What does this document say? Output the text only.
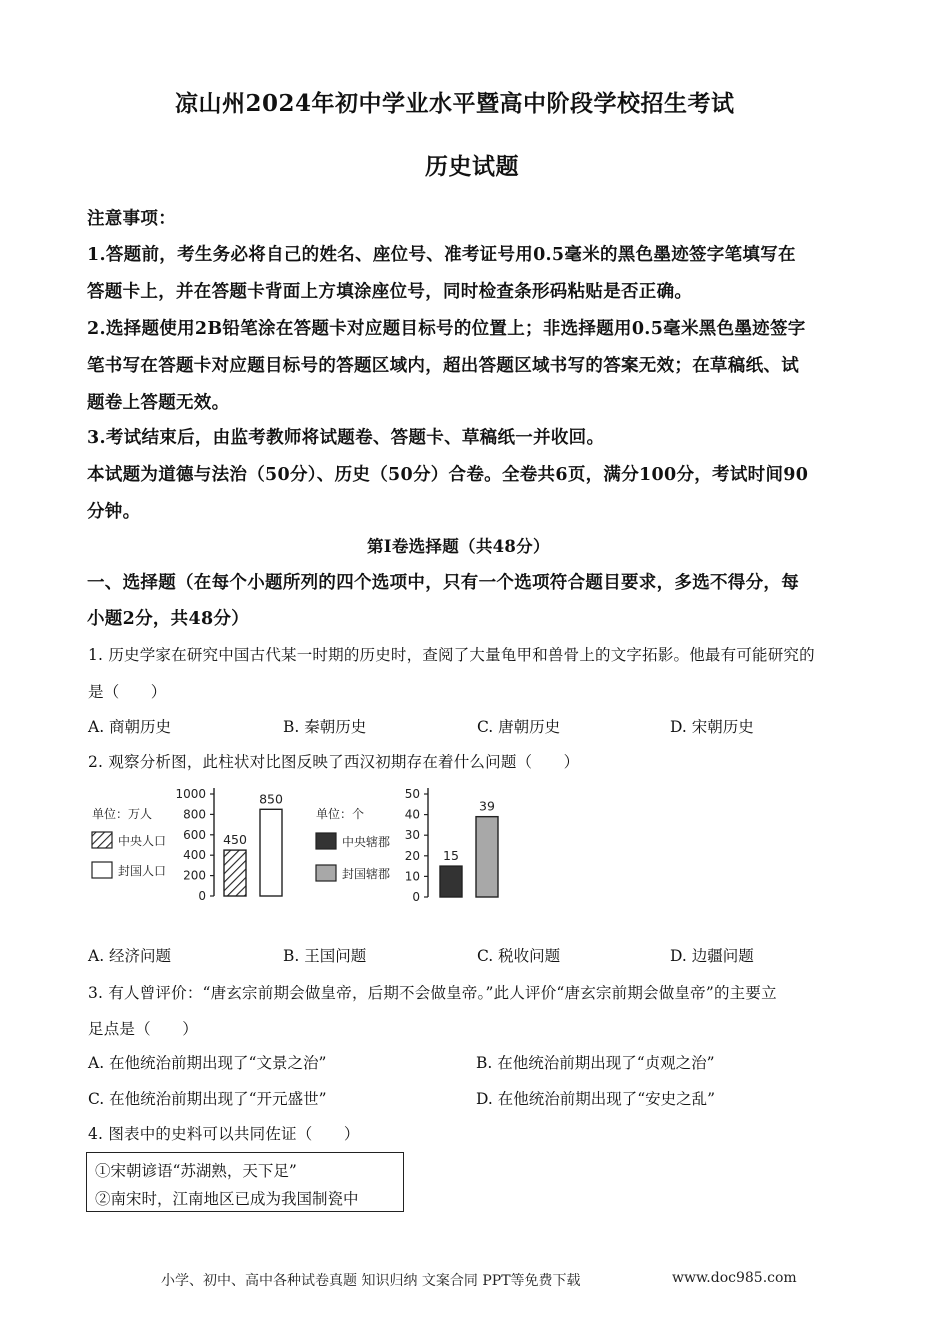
凉山州2024年初中学业水平暨高中阶段学校招生考试
历史试题
注意事项：
1.答题前，考生务必将自己的姓名、座位号、准考证号用0.5毫米的黑色墨迹签字笔填写在
答题卡上，并在答题卡背面上方填涂座位号，同时检查条形码粘贴是否正确。
2.选择题使用2B铅笔涂在答题卡对应题目标号的位置上；非选择题用0.5毫米黑色墨迹签字
笔书写在答题卡对应题目标号的答题区域内，超出答题区域书写的答案无效；在草稿纸、试
题卷上答题无效。
3.考试结束后，由监考教师将试题卷、答题卡、草稿纸一并收回。
本试题为道德与法治（50分）、历史（50分）合卷。全卷共6页，满分100分，考试时间90
分钟。
第Ⅰ卷选择题（共48分）
一、选择题（在每个小题所列的四个选项中，只有一个选项符合题目要求，多选不得分，每
小题2分，共48分）
1. 历史学家在研究中国古代某一时期的历史时，查阅了大量龟甲和兽骨上的文字拓影。他最有可能研究的
是（　　）
A. 商朝历史	B. 秦朝历史	C. 唐朝历史	D. 宋朝历史
2. 观察分析图，此柱状对比图反映了西汉初期存在着什么问题（　　）
单位：万人
中央人口
封国人口
1000
800
600
400
200
0
450
850
单位：个
中央辖郡
封国辖郡
50
40
30
20
10
0
15
39
A. 经济问题	B. 王国问题	C. 税收问题	D. 边疆问题
3. 有人曾评价：“唐玄宗前期会做皇帝，后期不会做皇帝。”此人评价“唐玄宗前期会做皇帝”的主要立
足点是（　　）
A. 在他统治前期出现了“文景之治”	B. 在他统治前期出现了“贞观之治”
C. 在他统治前期出现了“开元盛世”	D. 在他统治前期出现了“安史之乱”
4. 图表中的史料可以共同佐证（　　）
①宋朝谚语“苏湖熟，天下足”
②南宋时，江南地区已成为我国制瓷中
小学、初中、高中各种试卷真题 知识归纳 文案合同 PPT等免费下载	www.doc985.com
